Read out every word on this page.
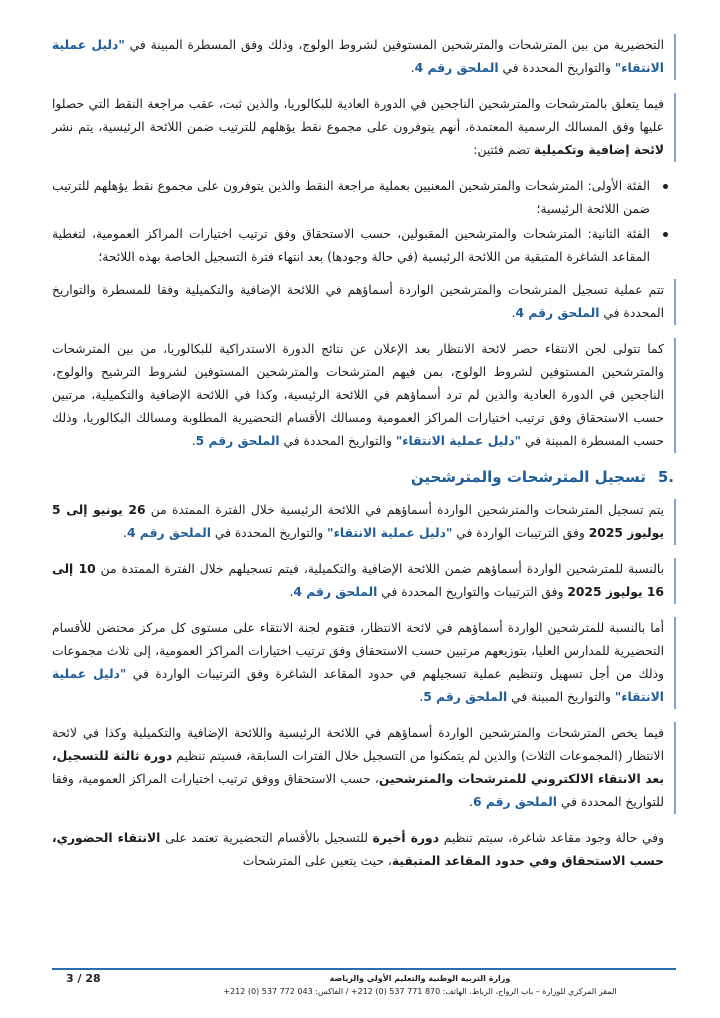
التحضيرية من بين المترشحات والمترشحين المستوفين لشروط الولوج، وذلك وفق المسطرة المبينة في "دليل عملية الانتقاء" والتواريخ المحددة في الملحق رقم 4.

فيما يتعلق بالمترشحات والمترشحين الناجحين في الدورة العادية للبكالوريا، والذين ثبت، عقب مراجعة النقط التي حصلوا عليها وفق المسالك الرسمية المعتمدة، أنهم يتوفرون على مجموع نقط يؤهلهم للترتيب ضمن اللائحة الرئيسية، يتم نشر لائحة إضافية وتكميلية تضم فئتين:

الفئة الأولى: المترشحات والمترشحين المعنيين بعملية مراجعة النقط والذين يتوفرون على مجموع نقط يؤهلهم للترتيب ضمن اللائحة الرئيسية؛
الفئة الثانية: المترشحات والمترشحين المقبولين، حسب الاستحقاق وفق ترتيب اختيارات المراكز العمومية، لتغطية المقاعد الشاغرة المتبقية من اللائحة الرئيسية (في حالة وجودها) بعد انتهاء فترة التسجيل الخاصة بهذه اللائحة؛

تتم عملية تسجيل المترشحات والمترشحين الواردة أسماؤهم في اللائحة الإضافية والتكميلية وفقا للمسطرة والتواريخ المحددة في الملحق رقم 4.

كما تتولى لجن الانتقاء حصر لائحة الانتظار بعد الإعلان عن نتائج الدورة الاستدراكية للبكالوريا، من بين المترشحات والمترشحين المستوفين لشروط الولوج، بمن فيهم المترشحات والمترشحين المستوفين لشروط الترشيح والولوج، الناجحين في الدورة العادية والذين لم ترد أسماؤهم في اللائحة الرئيسية، وكذا في اللائحة الإضافية والتكميلية، مرتبين حسب الاستحقاق وفق ترتيب اختيارات المراكز العمومية ومسالك الأقسام التحضيرية المطلوبة ومسالك البكالوريا، وذلك حسب المسطرة المبينة في "دليل عملية الانتقاء" والتواريخ المحددة في الملحق رقم 5.

.5
تسجيل المترشحات والمترشحين

يتم تسجيل المترشحات والمترشحين الواردة أسماؤهم في اللائحة الرئيسية خلال الفترة الممتدة من 26 يونيو إلى 5 يوليوز 2025 وفق الترتيبات الواردة في "دليل عملية الانتقاء" والتواريخ المحددة في الملحق رقم 4.

بالنسبة للمترشحين الواردة أسماؤهم ضمن اللائحة الإضافية والتكميلية، فيتم تسجيلهم خلال الفترة الممتدة من 10 إلى 16 يوليوز 2025 وفق الترتيبات والتواريخ المحددة في الملحق رقم 4.

أما بالنسبة للمترشحين الواردة أسماؤهم في لائحة الانتظار، فتقوم لجنة الانتقاء على مستوى كل مركز محتضن للأقسام التحضيرية للمدارس العليا، بتوزيعهم مرتبين حسب الاستحقاق وفق ترتيب اختيارات المراكز العمومية، إلى ثلاث مجموعات وذلك من أجل تسهيل وتنظيم عملية تسجيلهم في حدود المقاعد الشاغرة وفق الترتيبات الواردة في "دليل عملية الانتقاء" والتواريخ المبينة في الملحق رقم 5.

فيما يخص المترشحات والمترشحين الواردة أسماؤهم في اللائحة الرئيسية واللائحة الإضافية والتكميلية وكذا في لائحة الانتظار (المجموعات الثلاث) والذين لم يتمكنوا من التسجيل خلال الفترات السابقة، فسيتم تنظيم دورة ثالثة للتسجيل، بعد الانتقاء الالكتروني للمترشحات والمترشحين، حسب الاستحقاق ووفق ترتيب اختيارات المراكز العمومية، وفقا للتواريخ المحددة في الملحق رقم 6.

وفي حالة وجود مقاعد شاغرة، سيتم تنظيم دورة أخيرة للتسجيل بالأقسام التحضيرية تعتمد على الانتقاء الحضوري، حسب الاستحقاق وفي حدود المقاعد المتبقية، حيث يتعين على المترشحات

3 / 28	وزارة التربية الوطنية والتعليم الأولي والرياضة
المقر المركزي للوزارة – باب الرواح، الرباط. الهاتف: 870 771 537 (0) 212+ / الفاكس: 043 772 537 (0) 212+
